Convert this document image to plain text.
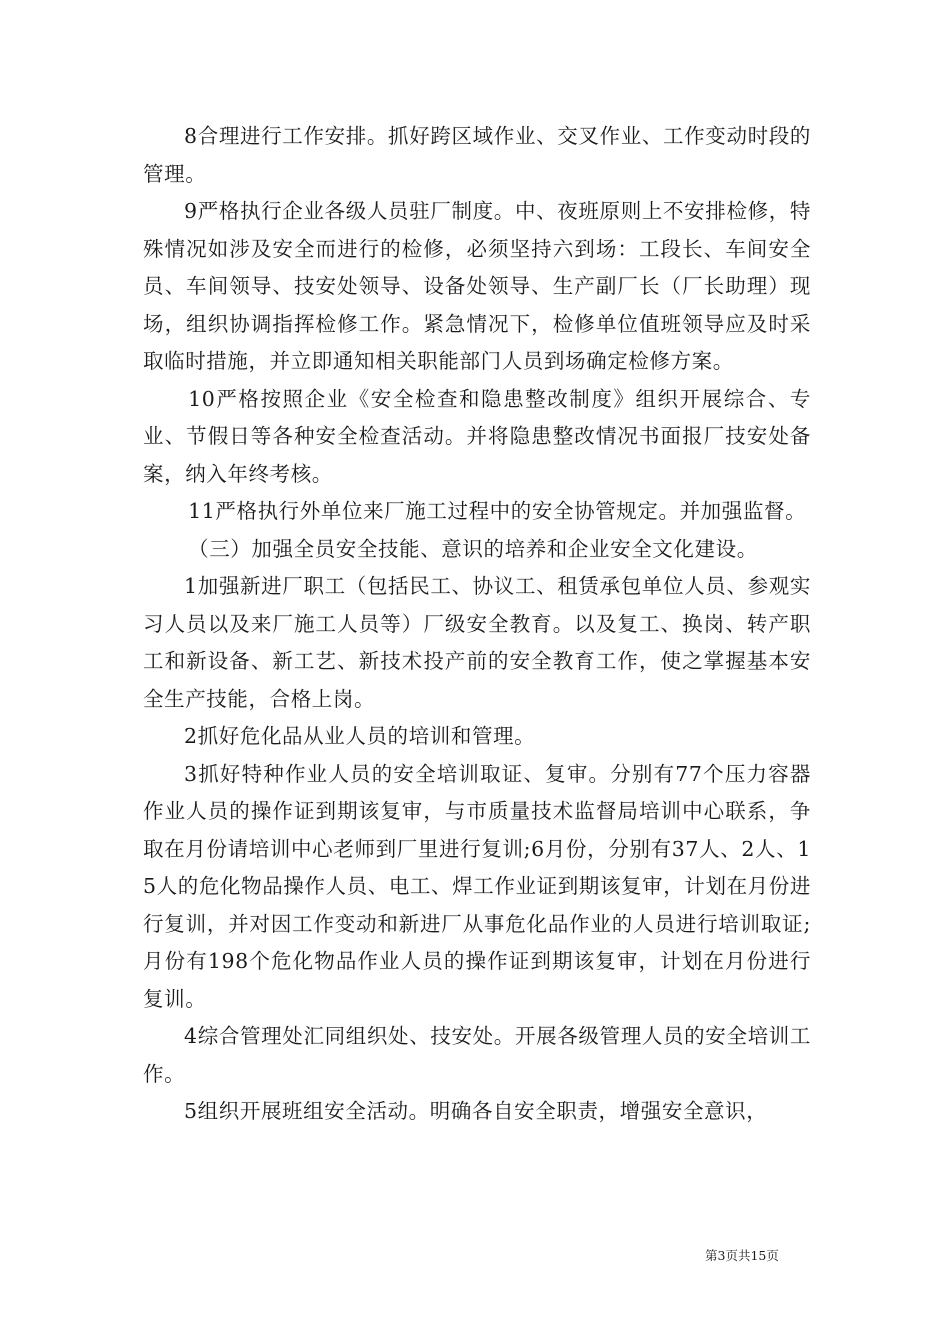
8合理进行工作安排。抓好跨区域作业、交叉作业、工作变动时段的管理。

9严格执行企业各级人员驻厂制度。中、夜班原则上不安排检修，特殊情况如涉及安全而进行的检修，必须坚持六到场：工段长、车间安全员、车间领导、技安处领导、设备处领导、生产副厂长（厂长助理）现场，组织协调指挥检修工作。紧急情况下，检修单位值班领导应及时采取临时措施，并立即通知相关职能部门人员到场确定检修方案。

10严格按照企业《安全检查和隐患整改制度》组织开展综合、专业、节假日等各种安全检查活动。并将隐患整改情况书面报厂技安处备案，纳入年终考核。

11严格执行外单位来厂施工过程中的安全协管规定。并加强监督。

（三）加强全员安全技能、意识的培养和企业安全文化建设。

1加强新进厂职工（包括民工、协议工、租赁承包单位人员、参观实习人员以及来厂施工人员等）厂级安全教育。以及复工、换岗、转产职工和新设备、新工艺、新技术投产前的安全教育工作，使之掌握基本安全生产技能，合格上岗。

2抓好危化品从业人员的培训和管理。

3抓好特种作业人员的安全培训取证、复审。分别有77个压力容器作业人员的操作证到期该复审，与市质量技术监督局培训中心联系，争取在月份请培训中心老师到厂里进行复训;6月份，分别有37人、2人、15人的危化物品操作人员、电工、焊工作业证到期该复审，计划在月份进行复训，并对因工作变动和新进厂从事危化品作业的人员进行培训取证;月份有198个危化物品作业人员的操作证到期该复审，计划在月份进行复训。

4综合管理处汇同组织处、技安处。开展各级管理人员的安全培训工作。

5组织开展班组安全活动。明确各自安全职责，增强安全意识，

第3页共15页
